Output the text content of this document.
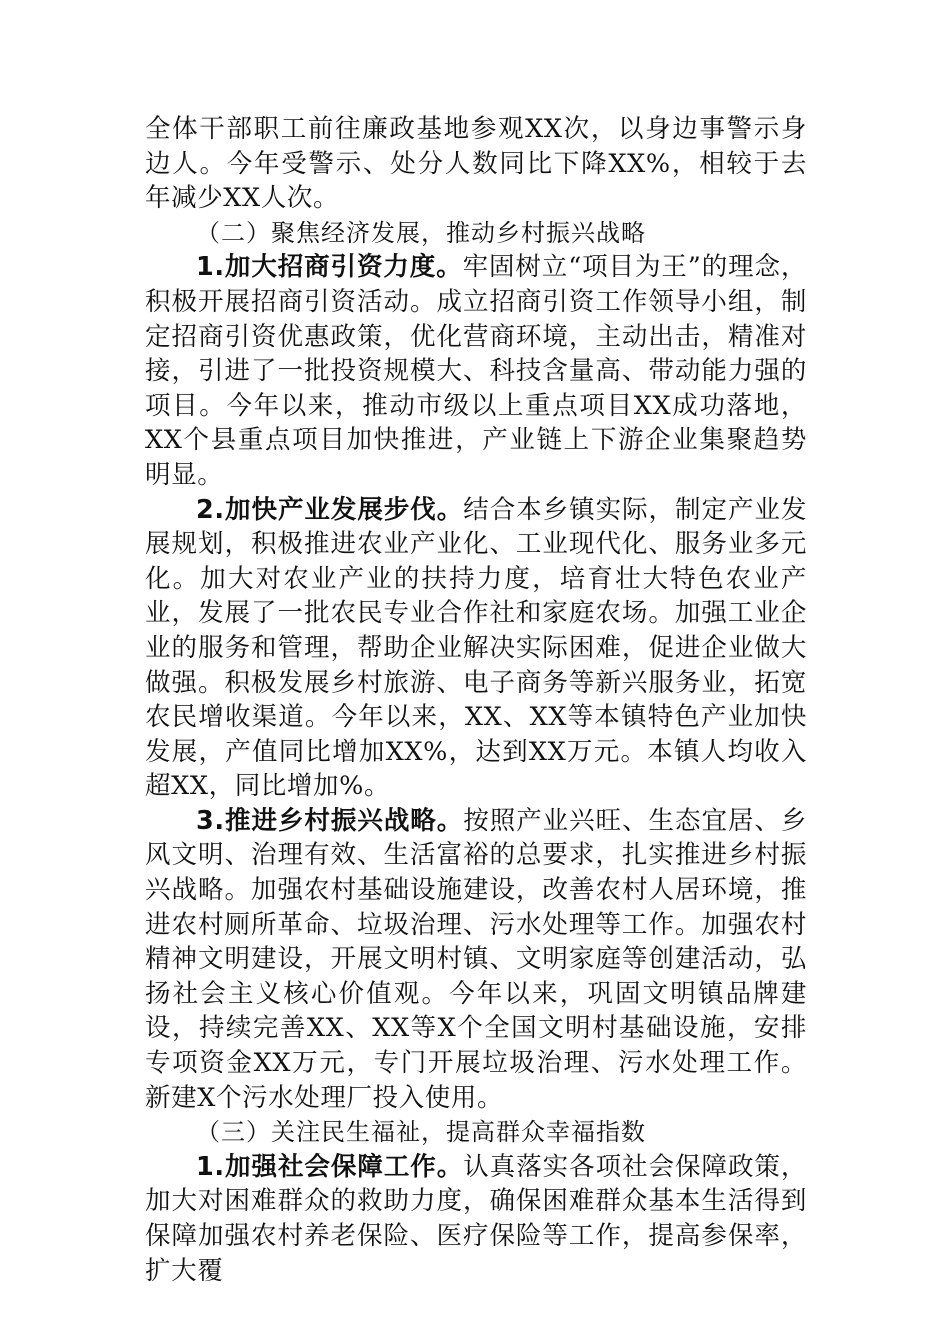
全体干部职工前往廉政基地参观XX次，以身边事警示身边人。今年受警示、处分人数同比下降XX%，相较于去年减少XX人次。

（二）聚焦经济发展，推动乡村振兴战略

1.加大招商引资力度。牢固树立“项目为王”的理念，积极开展招商引资活动。成立招商引资工作领导小组，制定招商引资优惠政策，优化营商环境，主动出击，精准对接，引进了一批投资规模大、科技含量高、带动能力强的项目。今年以来，推动市级以上重点项目XX成功落地，XX个县重点项目加快推进，产业链上下游企业集聚趋势明显。

2.加快产业发展步伐。结合本乡镇实际，制定产业发展规划，积极推进农业产业化、工业现代化、服务业多元化。加大对农业产业的扶持力度，培育壮大特色农业产业，发展了一批农民专业合作社和家庭农场。加强工业企业的服务和管理，帮助企业解决实际困难，促进企业做大做强。积极发展乡村旅游、电子商务等新兴服务业，拓宽农民增收渠道。今年以来，XX、XX等本镇特色产业加快发展，产值同比增加XX%，达到XX万元。本镇人均收入超XX，同比增加%。

3.推进乡村振兴战略。按照产业兴旺、生态宜居、乡风文明、治理有效、生活富裕的总要求，扎实推进乡村振兴战略。加强农村基础设施建设，改善农村人居环境，推进农村厕所革命、垃圾治理、污水处理等工作。加强农村精神文明建设，开展文明村镇、文明家庭等创建活动，弘扬社会主义核心价值观。今年以来，巩固文明镇品牌建设，持续完善XX、XX等X个全国文明村基础设施，安排专项资金XX万元，专门开展垃圾治理、污水处理工作。新建X个污水处理厂投入使用。

（三）关注民生福祉，提高群众幸福指数

1.加强社会保障工作。认真落实各项社会保障政策，加大对困难群众的救助力度，确保困难群众基本生活得到保障加强农村养老保险、医疗保险等工作，提高参保率，扩大覆
